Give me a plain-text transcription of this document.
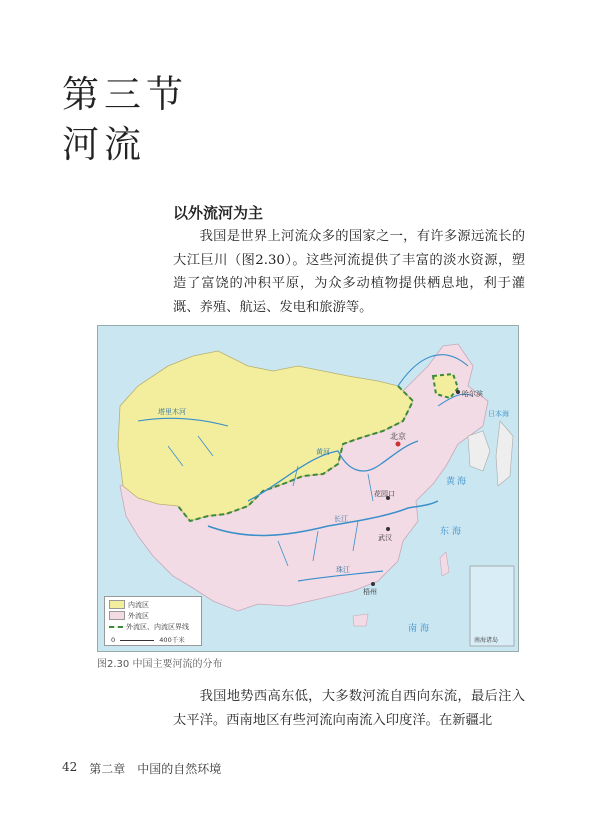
第三节
河流
以外流河为主

我国是世界上河流众多的国家之一，有许多源远流长的大江巨川（图2.30）。这些河流提供了丰富的淡水资源，塑造了富饶的冲积平原，为众多动植物提供栖息地，利于灌溉、养殖、航运、发电和旅游等。

北京
哈尔滨
武汉
花园口
梧州
塔里木河
黄河
长江
珠江
东海
黄海
南海
日本海
南海诸岛
内流区
外流区
外流区、内流区界线
0	400千米
图2.30 中国主要河流的分布

我国地势西高东低，大多数河流自西向东流，最后注入太平洋。西南地区有些河流向南流入印度洋。在新疆北

42 第二章 中国的自然环境
